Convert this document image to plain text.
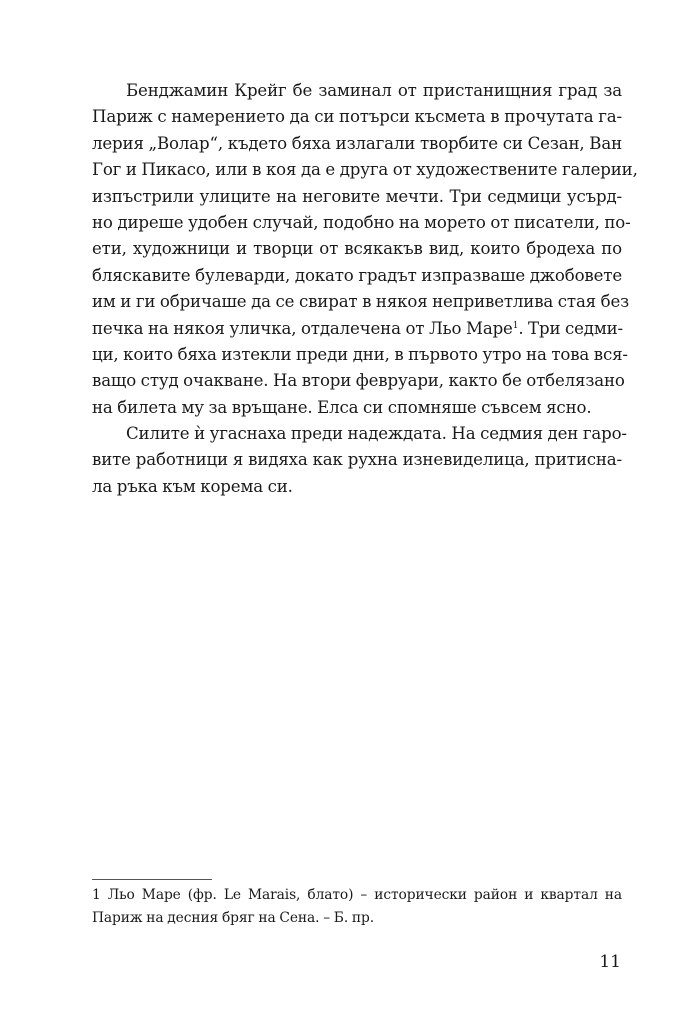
Бенджамин Крейг бе заминал от пристанищния град за
Париж с намерението да си потърси късмета в прочутата га-
лерия „Волар“, където бяха излагали творбите си Сезан, Ван
Гог и Пикасо, или в коя да е друга от художествените галерии,
изпъстрили улиците на неговите мечти. Три седмици усърд-
но диреше удобен случай, подобно на морето от писатели, по-
ети, художници и творци от всякакъв вид, които бродеха по
бляскавите булеварди, докато градът изпразваше джобовете
им и ги обричаше да се свират в някоя неприветлива стая без
печка на някоя уличка, отдалечена от Льо Маре$^1$. Три седми-
ци, които бяха изтекли преди дни, в първото утро на това вся-
ващо студ очакване. На втори февруари, както бе отбелязано
на билета му за връщане. Елса си спомняше съвсем ясно.

Силите ѝ угаснаха преди надеждата. На седмия ден гаро-
вите работници я видяха как рухна изневиделица, притисна-
ла ръка към корема си.

1 Льо Маре (фр. Le Marais, блато) – исторически район и квартал на
Париж на десния бряг на Сена. – Б. пр.
11
